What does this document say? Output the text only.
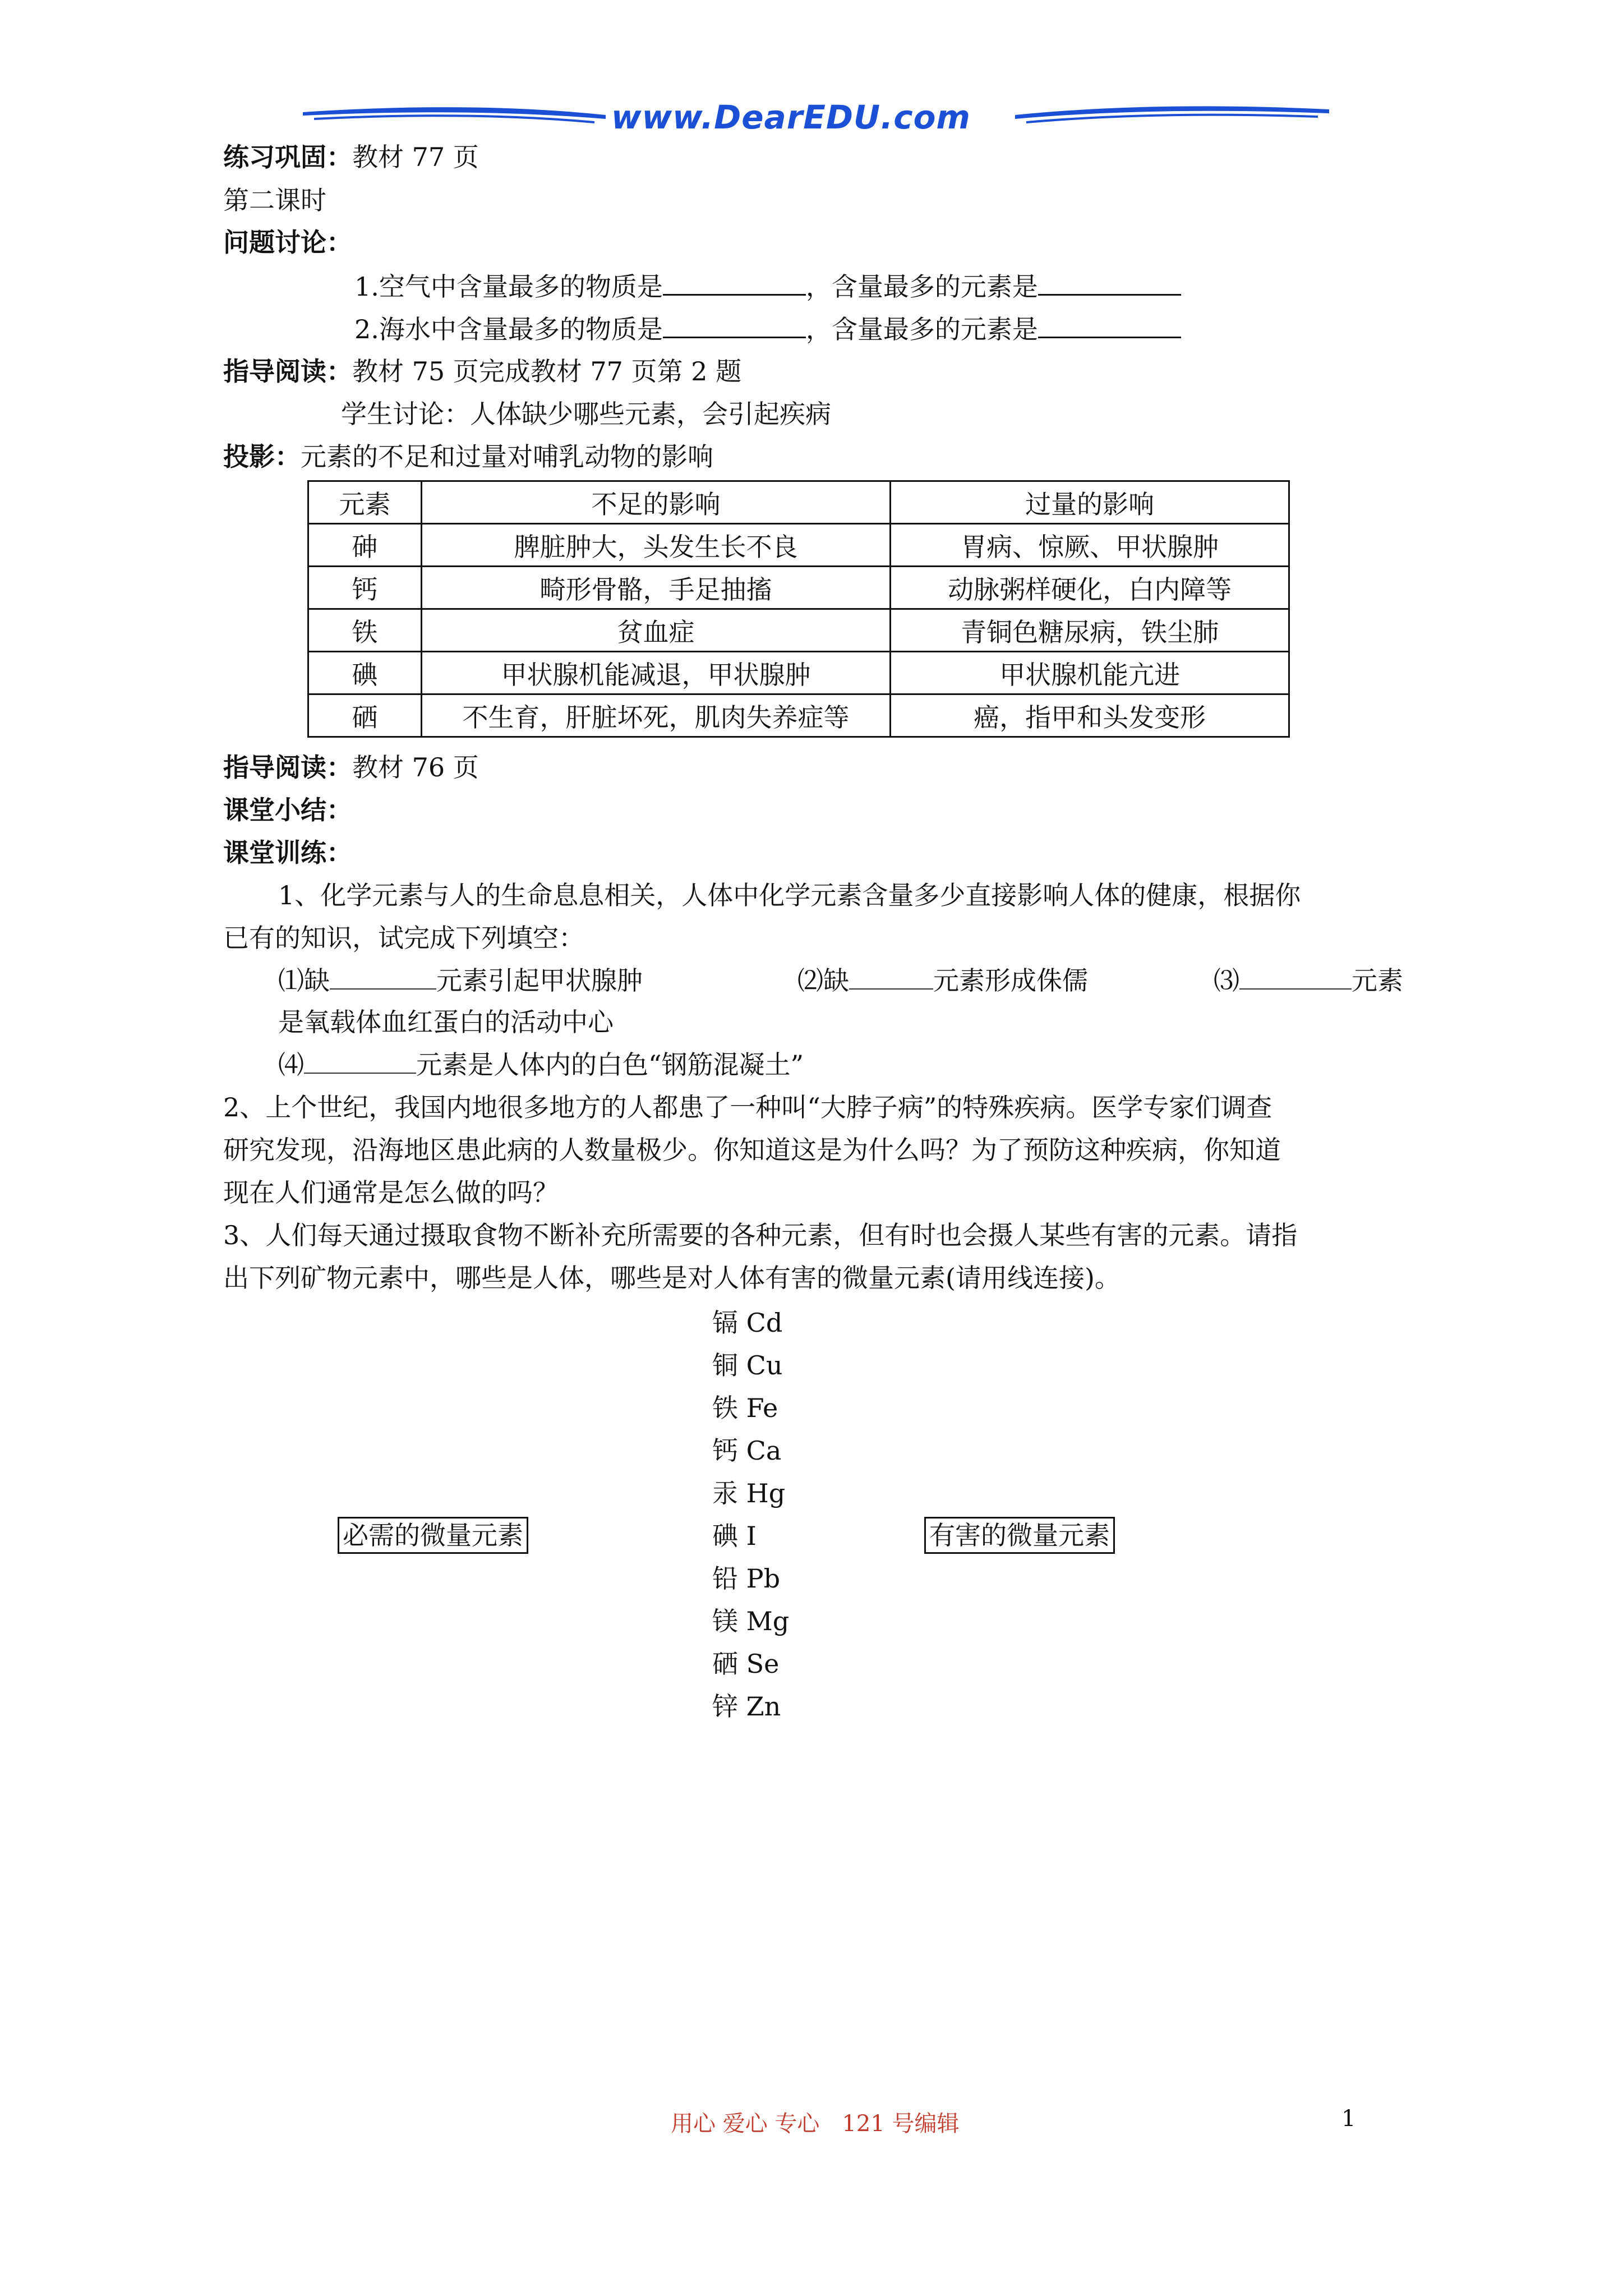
www.DearEDU.com
练习巩固：教材 77 页
第二课时
问题讨论：
1.空气中含量最多的物质是	，含量最多的元素是
2.海水中含量最多的物质是	，含量最多的元素是
指导阅读：教材 75 页完成教材 77 页第 2 题
学生讨论：人体缺少哪些元素，会引起疾病
投影：元素的不足和过量对哺乳动物的影响
元素	不足的影响	过量的影响
砷	脾脏肿大，头发生长不良	胃病、惊厥、甲状腺肿
钙	畸形骨骼，手足抽搐	动脉粥样硬化，白内障等
铁	贫血症	青铜色糖尿病，铁尘肺
碘	甲状腺机能减退，甲状腺肿	甲状腺机能亢进
硒	不生育，肝脏坏死，肌肉失养症等	癌，指甲和头发变形
指导阅读：教材 76 页
课堂小结：
课堂训练：
1、化学元素与人的生命息息相关，人体中化学元素含量多少直接影响人体的健康，根据你
已有的知识，试完成下列填空：
⑴缺	元素引起甲状腺肿	⑵缺	元素形成侏儒	⑶	元素
是氧载体血红蛋白的活动中心
⑷	元素是人体内的白色“钢筋混凝土”
2、上个世纪，我国内地很多地方的人都患了一种叫“大脖子病”的特殊疾病。医学专家们调查
研究发现，沿海地区患此病的人数量极少。你知道这是为什么吗？为了预防这种疾病，你知道
现在人们通常是怎么做的吗？
3、人们每天通过摄取食物不断补充所需要的各种元素，但有时也会摄人某些有害的元素。请指
出下列矿物元素中，哪些是人体，哪些是对人体有害的微量元素(请用线连接)。
镉 Cd
铜 Cu
铁 Fe
钙 Ca
汞 Hg
碘 I
铅 Pb
镁 Mg
硒 Se
锌 Zn
必需的微量元素	有害的微量元素
用心 爱心 专心　121 号编辑	1
